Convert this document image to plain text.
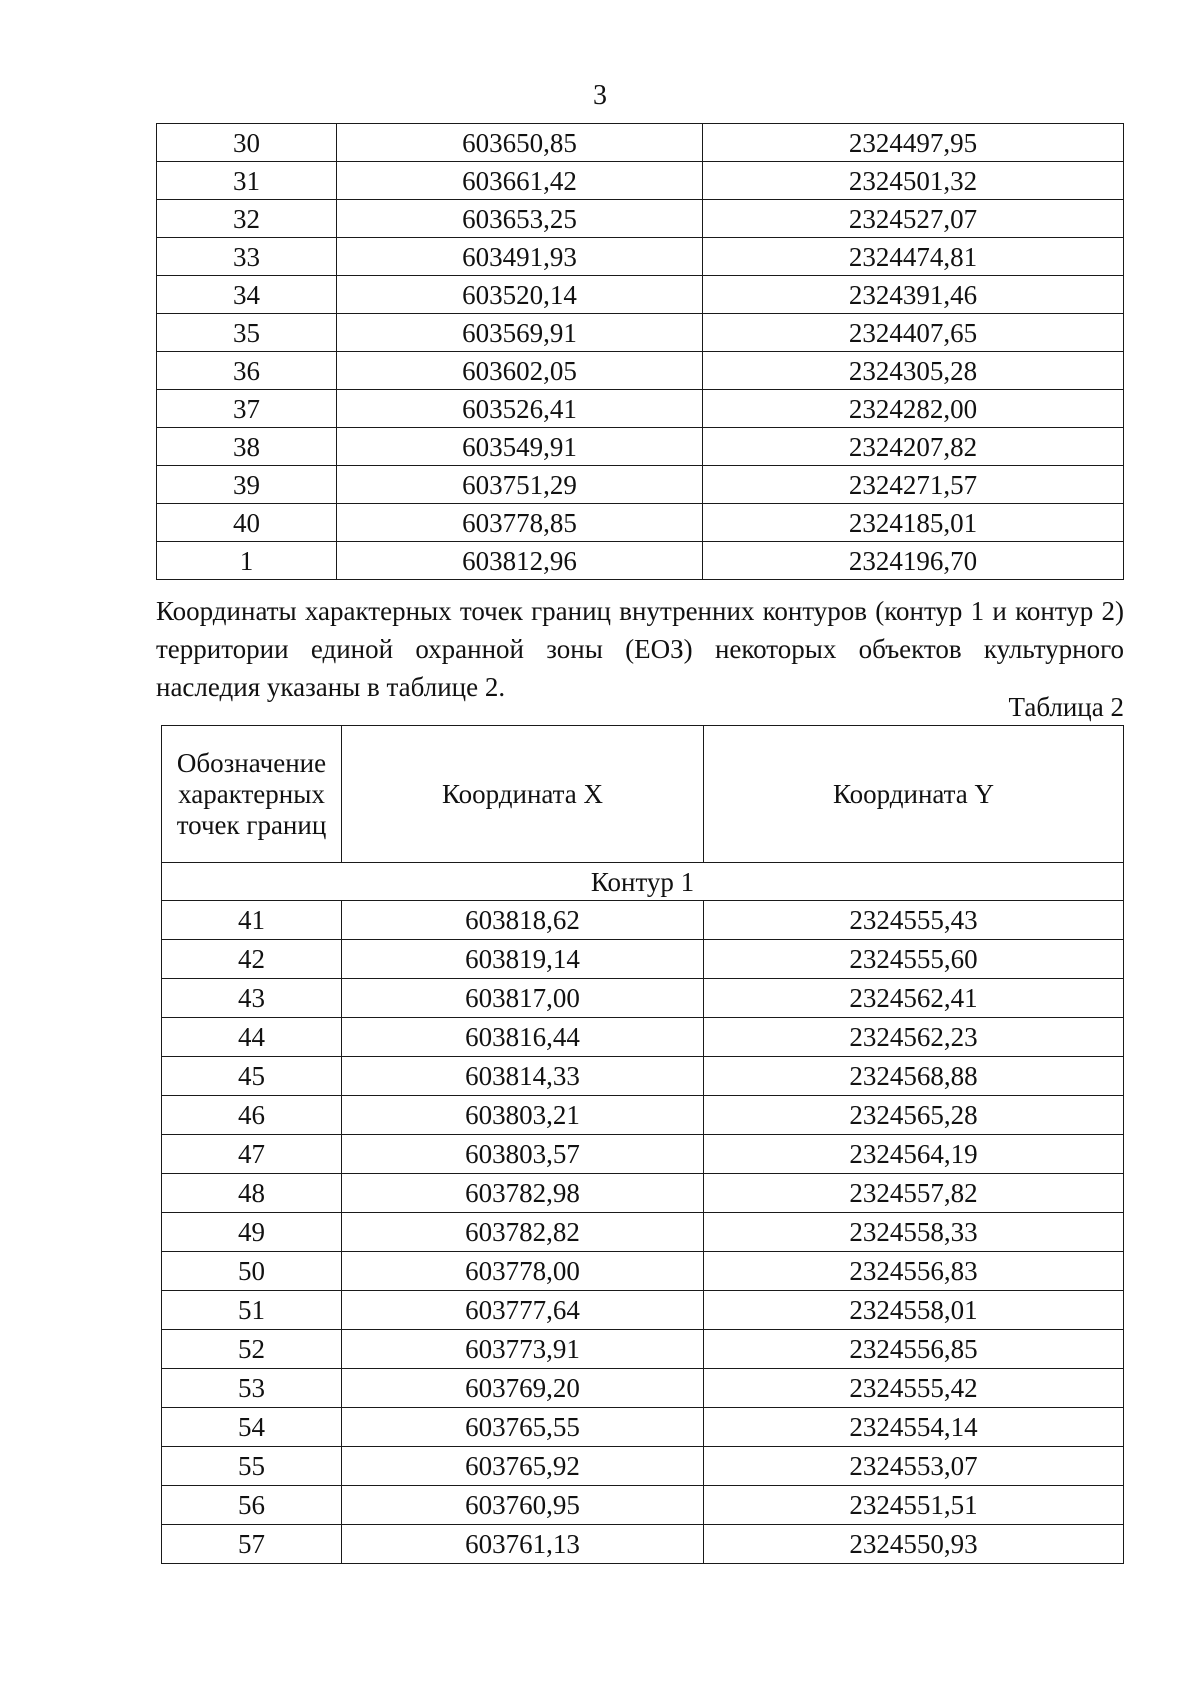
3
30	603650,85	2324497,95
31	603661,42	2324501,32
32	603653,25	2324527,07
33	603491,93	2324474,81
34	603520,14	2324391,46
35	603569,91	2324407,65
36	603602,05	2324305,28
37	603526,41	2324282,00
38	603549,91	2324207,82
39	603751,29	2324271,57
40	603778,85	2324185,01
1	603812,96	2324196,70
Координаты характерных точек границ внутренних контуров (контур 1 и контур 2) территории единой охранной зоны (ЕОЗ) некоторых объектов культурного наследия указаны в таблице 2.
Таблица 2
Обозначение характерных точек границ	Координата X	Координата Y
Контур 1		
41	603818,62	2324555,43
42	603819,14	2324555,60
43	603817,00	2324562,41
44	603816,44	2324562,23
45	603814,33	2324568,88
46	603803,21	2324565,28
47	603803,57	2324564,19
48	603782,98	2324557,82
49	603782,82	2324558,33
50	603778,00	2324556,83
51	603777,64	2324558,01
52	603773,91	2324556,85
53	603769,20	2324555,42
54	603765,55	2324554,14
55	603765,92	2324553,07
56	603760,95	2324551,51
57	603761,13	2324550,93
